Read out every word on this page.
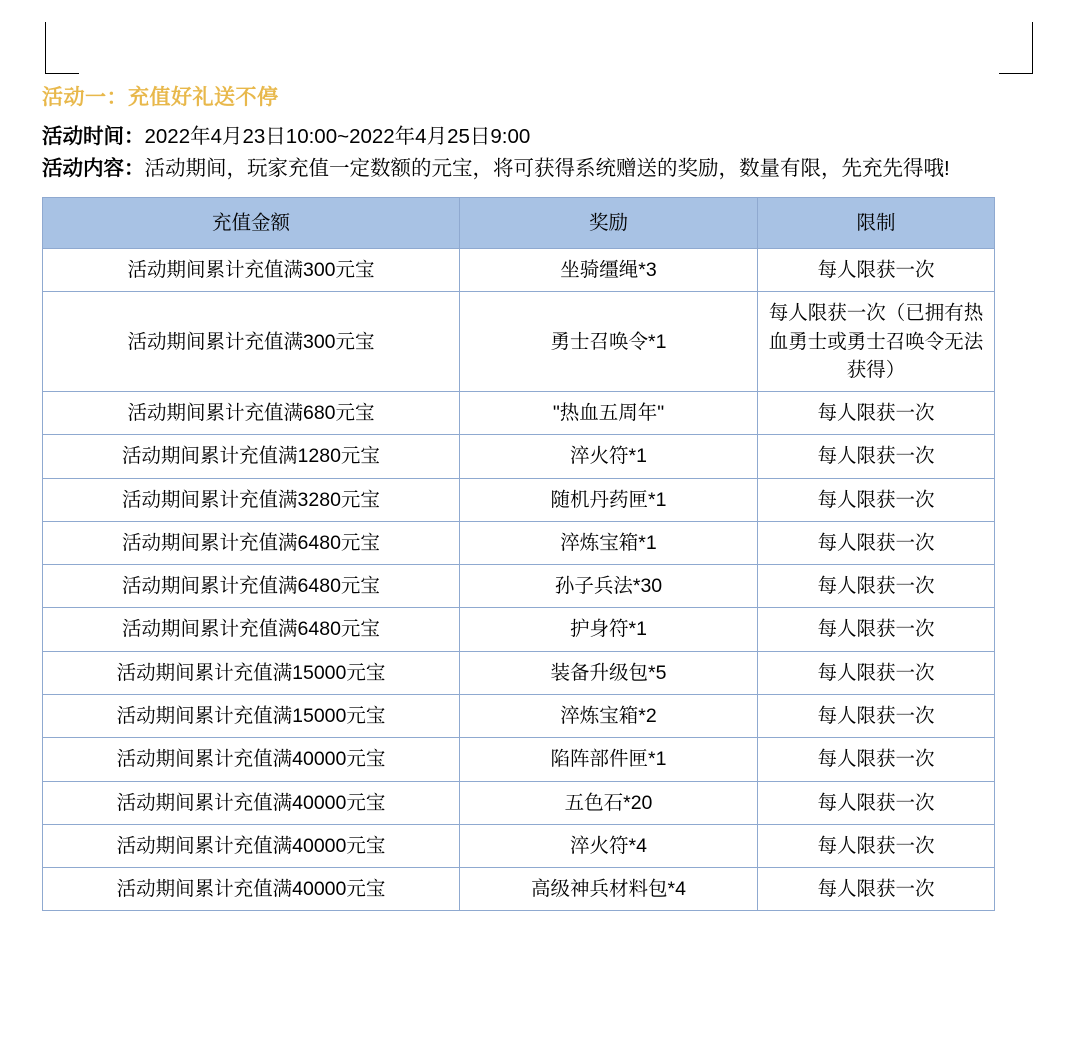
活动一：充值好礼送不停

活动时间：2022年4月23日10:00~2022年4月25日9:00

活动内容：活动期间，玩家充值一定数额的元宝，将可获得系统赠送的奖励，数量有限，先充先得哦!

充值金额	奖励	限制
活动期间累计充值满300元宝	坐骑缰绳*3	每人限获一次
活动期间累计充值满300元宝	勇士召唤令*1	每人限获一次（已拥有热血勇士或勇士召唤令无法获得）
活动期间累计充值满680元宝	"热血五周年"	每人限获一次
活动期间累计充值满1280元宝	淬火符*1	每人限获一次
活动期间累计充值满3280元宝	随机丹药匣*1	每人限获一次
活动期间累计充值满6480元宝	淬炼宝箱*1	每人限获一次
活动期间累计充值满6480元宝	孙子兵法*30	每人限获一次
活动期间累计充值满6480元宝	护身符*1	每人限获一次
活动期间累计充值满15000元宝	装备升级包*5	每人限获一次
活动期间累计充值满15000元宝	淬炼宝箱*2	每人限获一次
活动期间累计充值满40000元宝	陷阵部件匣*1	每人限获一次
活动期间累计充值满40000元宝	五色石*20	每人限获一次
活动期间累计充值满40000元宝	淬火符*4	每人限获一次
活动期间累计充值满40000元宝	高级神兵材料包*4	每人限获一次
